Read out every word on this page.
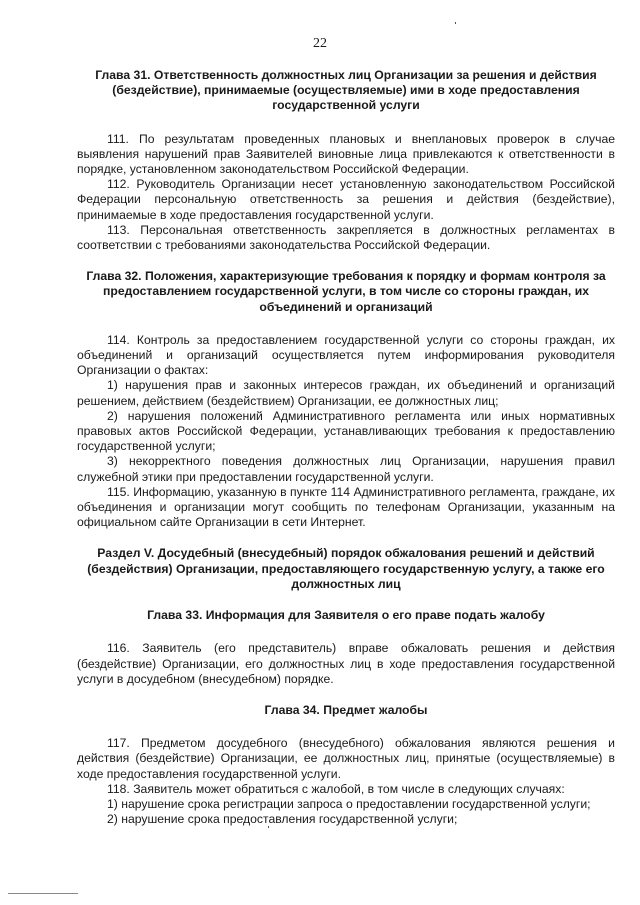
22
Глава 31. Ответственность должностных лиц Организации за решения и действия (бездействие), принимаемые (осуществляемые) ими в ходе предоставления государственной услуги

111. По результатам проведенных плановых и внеплановых проверок в случае выявления нарушений прав Заявителей виновные лица привлекаются к ответственности в порядке, установленном законодательством Российской Федерации.

112. Руководитель Организации несет установленную законодательством Российской Федерации персональную ответственность за решения и действия (бездействие), принимаемые в ходе предоставления государственной услуги.

113. Персональная ответственность закрепляется в должностных регламентах в соответствии с требованиями законодательства Российской Федерации.

Глава 32. Положения, характеризующие требования к порядку и формам контроля за предоставлением государственной услуги, в том числе со стороны граждан, их объединений и организаций

114. Контроль за предоставлением государственной услуги со стороны граждан, их объединений и организаций осуществляется путем информирования руководителя Организации о фактах:

1) нарушения прав и законных интересов граждан, их объединений и организаций решением, действием (бездействием) Организации, ее должностных лиц;

2) нарушения положений Административного регламента или иных нормативных правовых актов Российской Федерации, устанавливающих требования к предоставлению государственной услуги;

3) некорректного поведения должностных лиц Организации, нарушения правил служебной этики при предоставлении государственной услуги.

115. Информацию, указанную в пункте 114 Административного регламента, граждане, их объединения и организации могут сообщить по телефонам Организации, указанным на официальном сайте Организации в сети Интернет.

Раздел V. Досудебный (внесудебный) порядок обжалования решений и действий (бездействия) Организации, предоставляющего государственную услугу, а также его должностных лиц
Глава 33. Информация для Заявителя о его праве подать жалобу

116. Заявитель (его представитель) вправе обжаловать решения и действия (бездействие) Организации, его должностных лиц в ходе предоставления государственной услуги в досудебном (внесудебном) порядке.

Глава 34. Предмет жалобы

117. Предметом досудебного (внесудебного) обжалования являются решения и действия (бездействие) Организации, ее должностных лиц, принятые (осуществляемые) в ходе предоставления государственной услуги.

118. Заявитель может обратиться с жалобой, в том числе в следующих случаях:

1) нарушение срока регистрации запроса о предоставлении государственной услуги;

2) нарушение срока предоставления государственной услуги;
